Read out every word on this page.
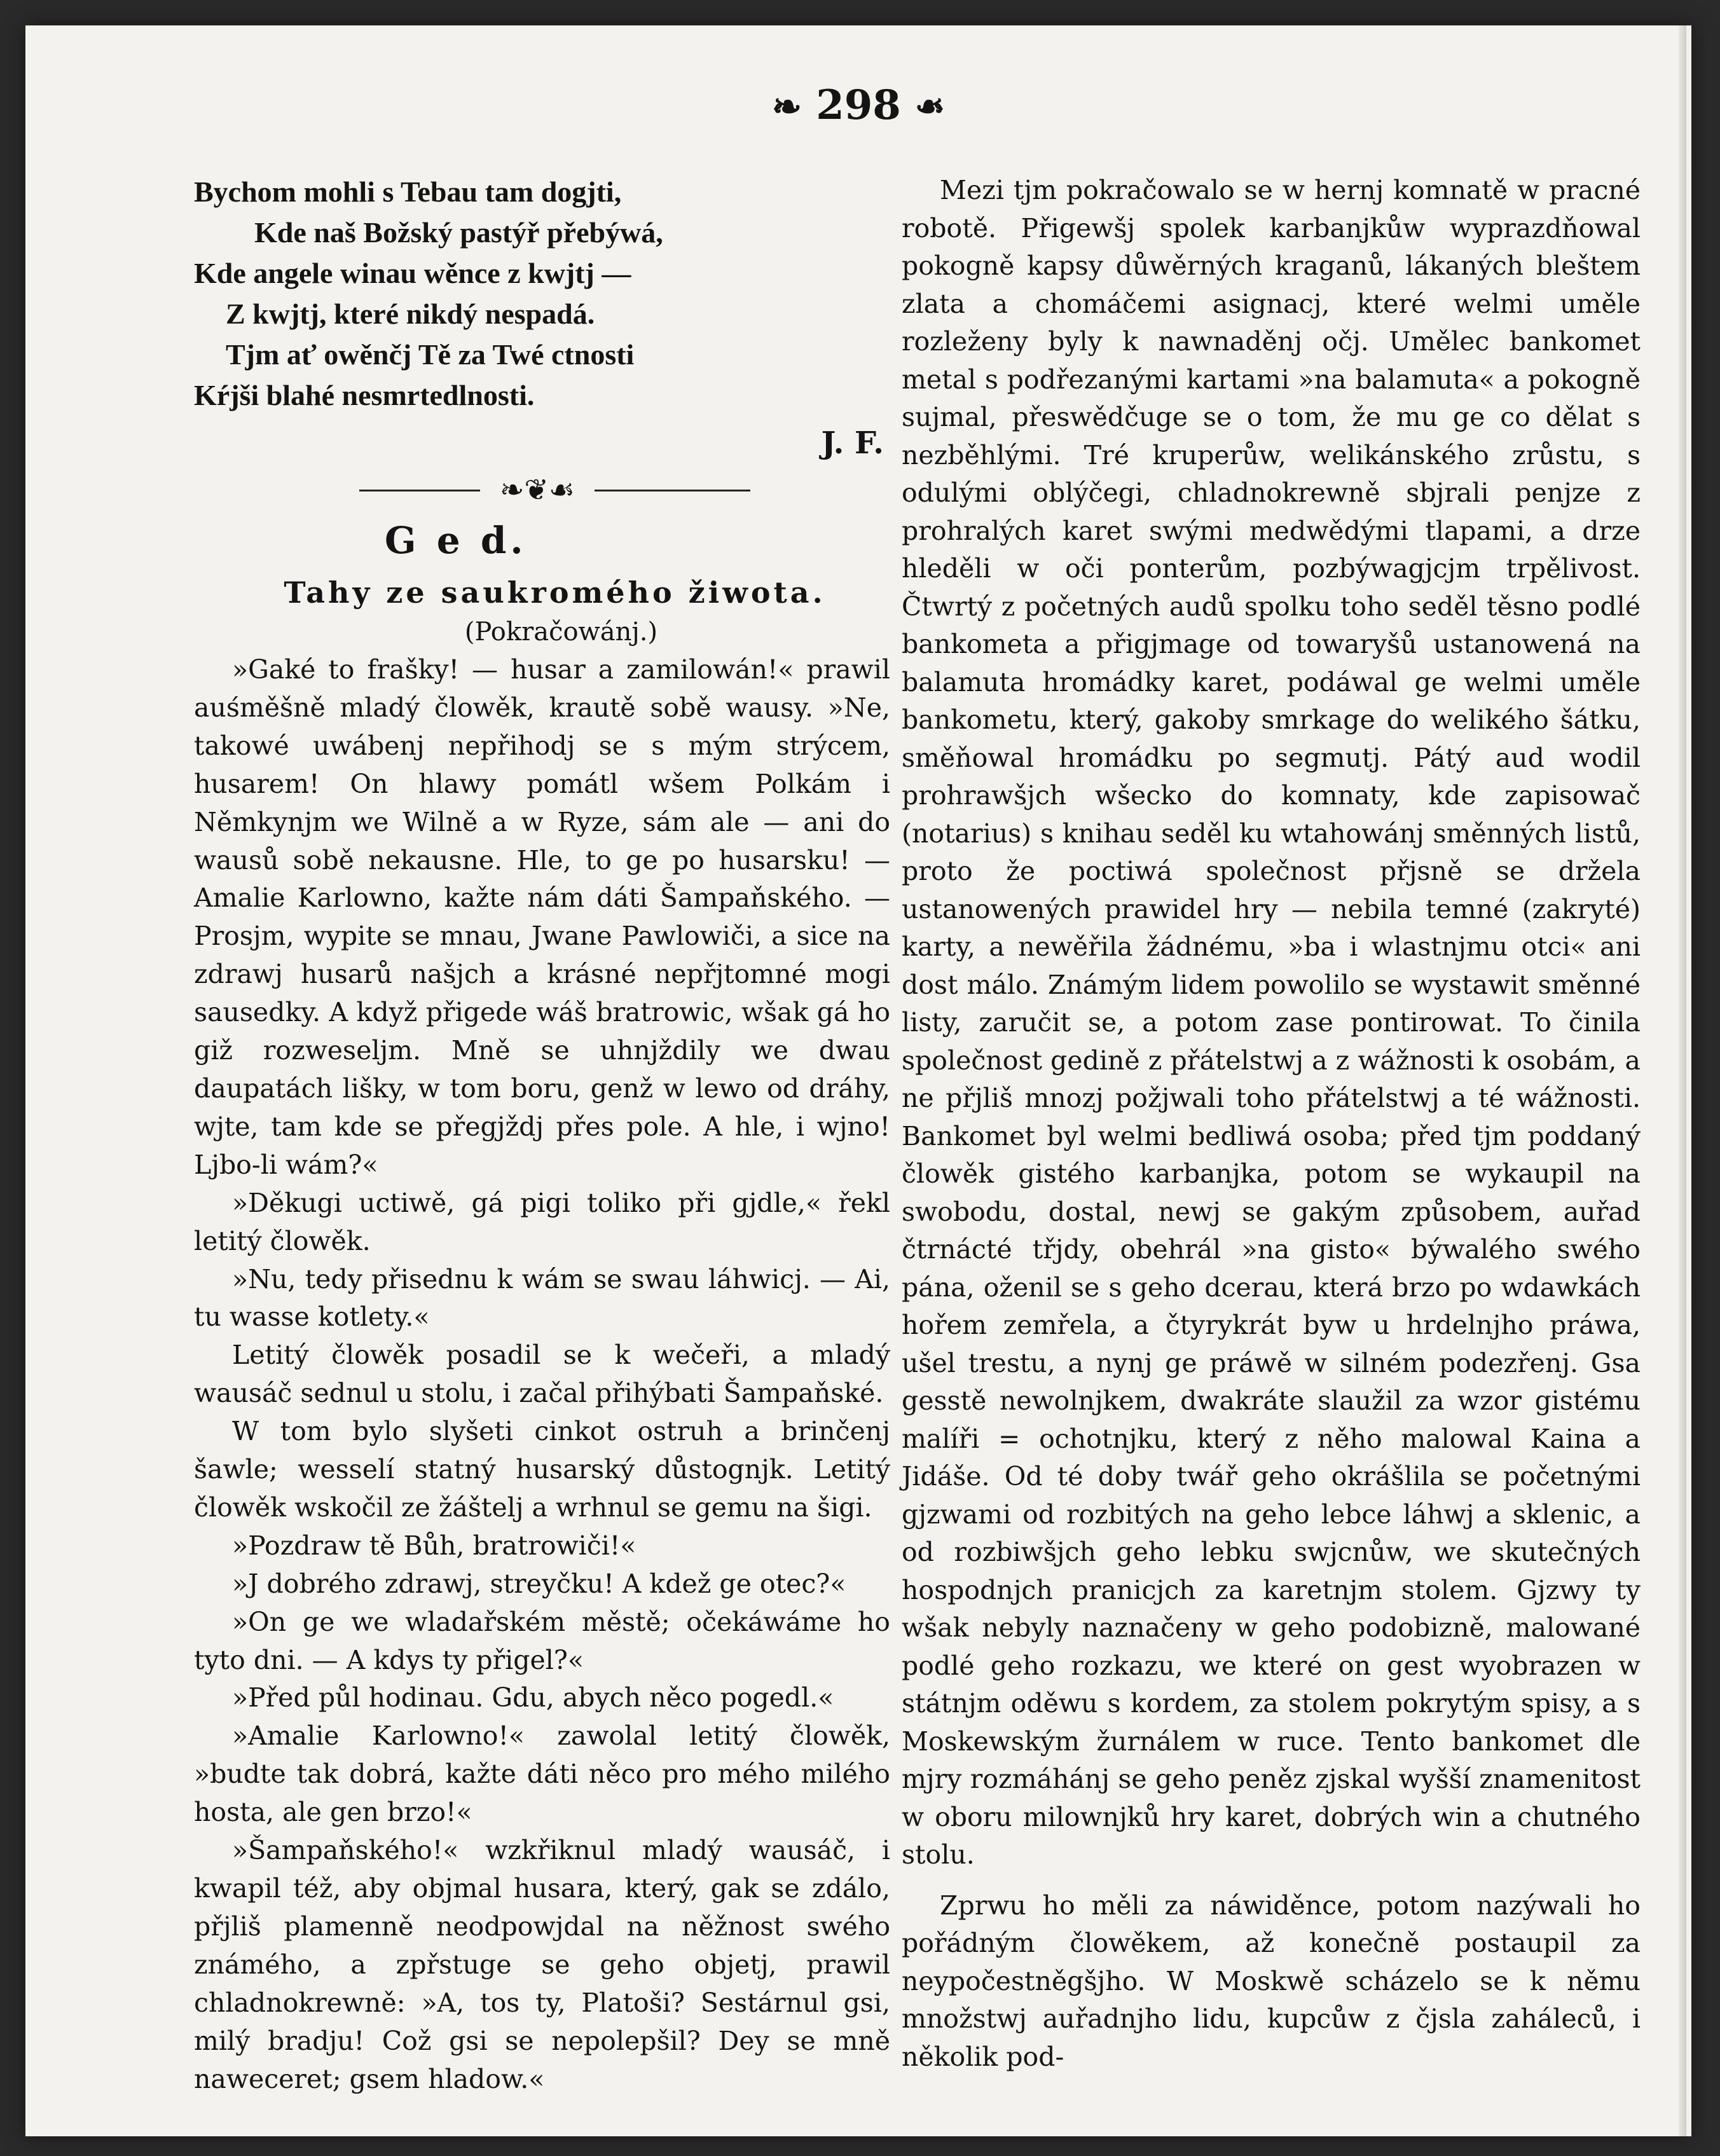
❧ 298 ❧
Bychom mohli s Tebau tam dogjti,
Kde naš Božský pastýř přebýwá,
Kde angele winau wěnce z kwjtj —
Z kwjtj, které nikdý nespadá.
Tjm ať owěnčj Tě za Twé ctnosti
Kŕjši blahé nesmrtedlnosti.
J. F.
❧❦☙
G e d.
Tahy ze saukromého žiwota.
(Pokračowánj.)

»Gaké to frašky! — husar a zamilowán!« prawil auśměšně mladý člowěk, krautě sobě wausy. »Ne, takowé uwábenj nepřihodj se s mým strýcem, husarem! On hlawy pomátl wšem Polkám i Němkynjm we Wilně a w Ryze, sám ale — ani do wausů sobě nekausne. Hle, to ge po husarsku! — Amalie Karlowno, kažte nám dáti Šampaňského. — Prosjm, wypite se mnau, Jwane Pawlowiči, a sice na zdrawj husarů našjch a krásné nepřjtomné mogi sausedky. A když přigede wáš bratrowic, wšak gá ho giž rozweseljm. Mně se uhnjždily we dwau daupatách lišky, w tom boru, genž w lewo od dráhy, wjte, tam kde se přegjždj přes pole. A hle, i wjno! Ljbo-li wám?«

»Děkugi uctiwě, gá pigi toliko při gjdle,« řekl letitý člowěk.

»Nu, tedy přisednu k wám se swau láhwicj. — Ai, tu wasse kotlety.«

Letitý člowěk posadil se k wečeři, a mladý wausáč sednul u stolu, i začal přihýbati Šampaňské.

W tom bylo slyšeti cinkot ostruh a brinčenj šawle; wesselí statný husarský důstognjk. Letitý člowěk wskočil ze žáštelj a wrhnul se gemu na šigi.

»Pozdraw tě Bůh, bratrowiči!«

»J dobrého zdrawj, streyčku! A kdež ge otec?«

»On ge we wladařském městě; očekáwáme ho tyto dni. — A kdys ty přigel?«

»Před půl hodinau. Gdu, abych něco pogedl.«

»Amalie Karlowno!« zawolal letitý člowěk, »budte tak dobrá, kažte dáti něco pro mého milého hosta, ale gen brzo!«

»Šampaňského!« wzkřiknul mladý wausáč, i kwapil též, aby objmal husara, který, gak se zdálo, přjliš plamenně neodpowjdal na něžnost swého známého, a zpřstuge se geho objetj, prawil chladnokrewně: »A, tos ty, Platoši? Sestárnul gsi, milý bradju! Což gsi se nepolepšil? Dey se mně naweceret; gsem hladow.«

Mezi tjm pokračowalo se w hernj komnatě w pracné robotě. Přigewšj spolek karbanjkůw wyprazdňowal pokogně kapsy důwěrných kraganů, lákaných bleštem zlata a chomáčemi asignacj, které welmi uměle rozleženy byly k nawnaděnj očj. Umělec bankomet metal s podřezanými kartami »na balamuta« a pokogně sujmal, přeswědčuge se o tom, že mu ge co dělat s nezběhlými. Tré kruperůw, welikánského zrůstu, s odulými oblýčegi, chladnokrewně sbjrali penjze z prohralých karet swými medwědými tlapami, a drze hleděli w oči ponterům, pozbýwagjcjm trpělivost. Čtwrtý z početných audů spolku toho seděl těsno podlé bankometa a přigjmage od towaryšů ustanowená na balamuta hromádky karet, podáwal ge welmi uměle bankometu, který, gakoby smrkage do welikého šátku, směňowal hromádku po segmutj. Pátý aud wodil prohrawšjch wšecko do komnaty, kde zapisowač (notarius) s knihau seděl ku wtahowánj směnných listů, proto že poctiwá společnost přjsně se držela ustanowených prawidel hry — nebila temné (zakryté) karty, a newěřila žádnému, »ba i wlastnjmu otci« ani dost málo. Známým lidem powolilo se wystawit směnné listy, zaručit se, a potom zase pontirowat. To činila společnost gedině z přátelstwj a z wážnosti k osobám, a ne přjliš mnozj požjwali toho přátelstwj a té wážnosti. Bankomet byl welmi bedliwá osoba; před tjm poddaný člowěk gistého karbanjka, potom se wykaupil na swobodu, dostal, newj se gakým způsobem, auřad čtrnácté třjdy, obehrál »na gisto« býwalého swého pána, oženil se s geho dcerau, která brzo po wdawkách hořem zemřela, a čtyrykrát byw u hrdelnjho práwa, ušel trestu, a nynj ge práwě w silném podezřenj. Gsa gesstě newolnjkem, dwakráte slaužil za wzor gistému malíři = ochotnjku, který z něho malowal Kaina a Jidáše. Od té doby twář geho okrášlila se početnými gjzwami od rozbitých na geho lebce láhwj a sklenic, a od rozbiwšjch geho lebku swjcnůw, we skutečných hospodnjch pranicjch za karetnjm stolem. Gjzwy ty wšak nebyly naznačeny w geho podobizně, malowané podlé geho rozkazu, we které on gest wyobrazen w státnjm oděwu s kordem, za stolem pokrytým spisy, a s Moskewským žurnálem w ruce. Tento bankomet dle mjry rozmáhánj se geho peněz zjskal wyšší znamenitost w oboru milownjků hry karet, dobrých win a chutného stolu.

Zprwu ho měli za náwiděnce, potom nazýwali ho pořádným člowěkem, až konečně postaupil za neypočestněgšjho. W Moskwě scházelo se k němu množstwj auřadnjho lidu, kupcůw z čjsla zaháleců, i několik pod-
